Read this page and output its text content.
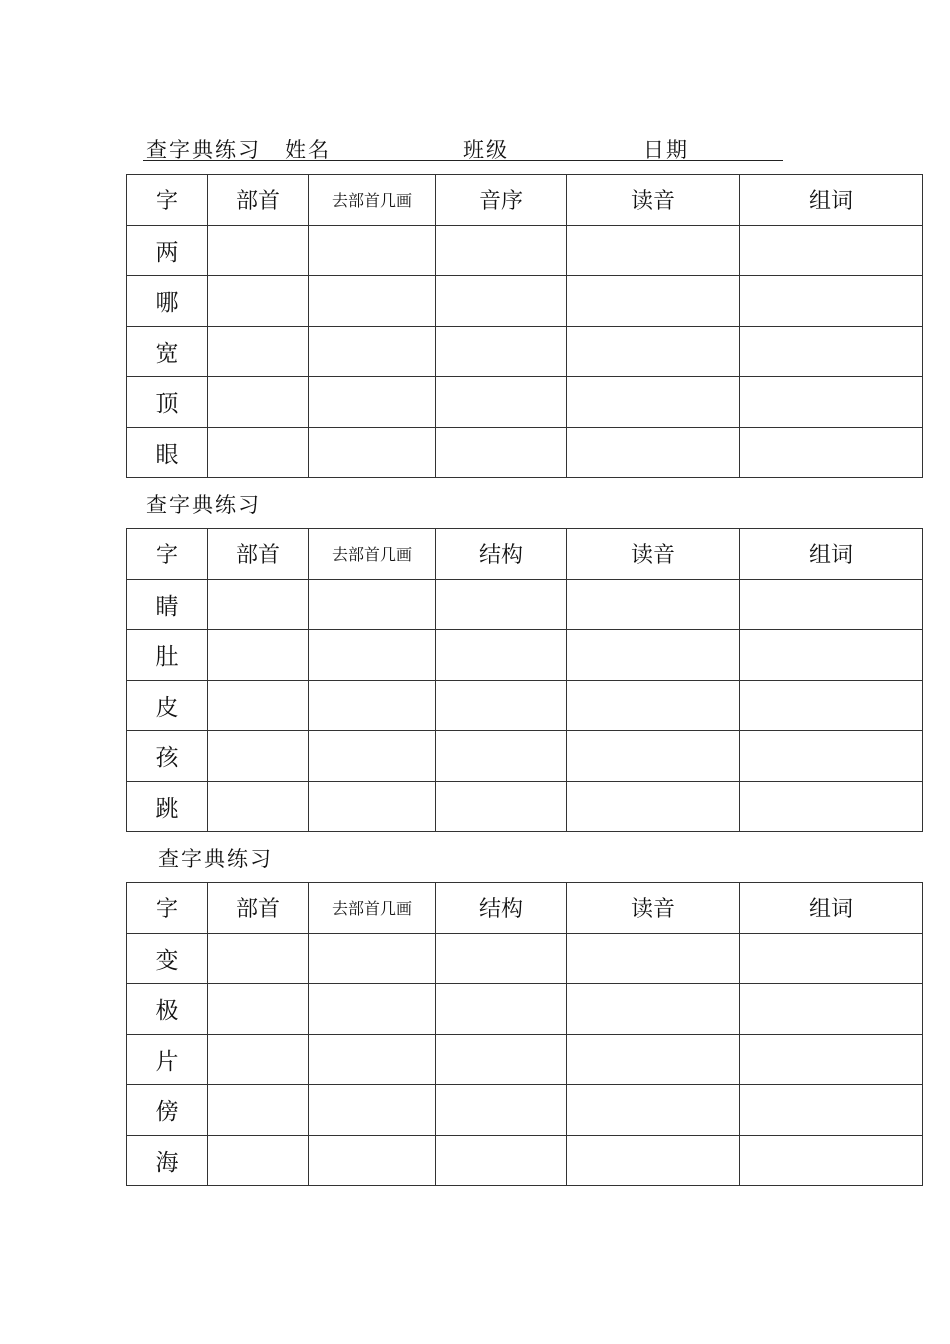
查字典练习 姓名	班级	日期
字	部首	去部首几画	音序	读音	组词
两					
哪					
宽					
顶					
眼					
查字典练习
字	部首	去部首几画	结构	读音	组词
睛					
肚					
皮					
孩					
跳					
查字典练习
字	部首	去部首几画	结构	读音	组词
变					
极					
片					
傍					
海					
